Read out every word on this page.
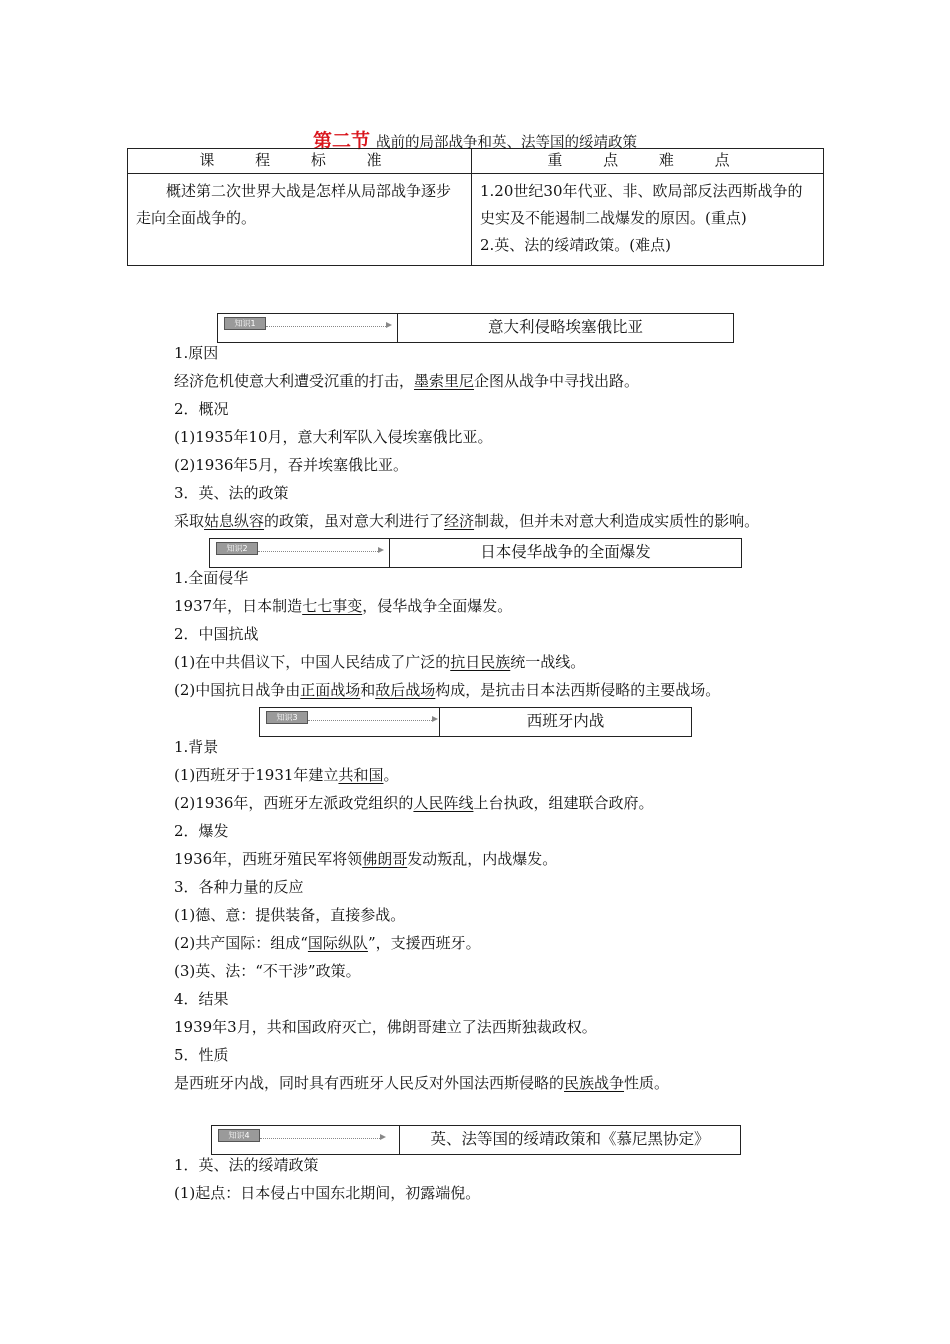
第二节 战前的局部战争和英、法等国的绥靖政策
课 程 标 准	重 点 难 点

概述第二次世界大战是怎样从局部战争逐步走向全面战争的。	1.20世纪30年代亚、非、欧局部反法西斯战争的史实及不能遏制二战爆发的原因。(重点)
2.英、法的绥靖政策。(难点)
知识1	意大利侵略埃塞俄比亚
1.原因
经济危机使意大利遭受沉重的打击，墨索里尼企图从战争中寻找出路。
2．概况
(1)1935年10月，意大利军队入侵埃塞俄比亚。
(2)1936年5月，吞并埃塞俄比亚。
3．英、法的政策
采取姑息纵容的政策，虽对意大利进行了经济制裁，但并未对意大利造成实质性的影响。
知识2	日本侵华战争的全面爆发
1.全面侵华
1937年，日本制造七七事变，侵华战争全面爆发。
2．中国抗战
(1)在中共倡议下，中国人民结成了广泛的抗日民族统一战线。
(2)中国抗日战争由正面战场和敌后战场构成，是抗击日本法西斯侵略的主要战场。
知识3	西班牙内战
1.背景
(1)西班牙于1931年建立共和国。
(2)1936年，西班牙左派政党组织的人民阵线上台执政，组建联合政府。
2．爆发
1936年，西班牙殖民军将领佛朗哥发动叛乱，内战爆发。
3．各种力量的反应
(1)德、意：提供装备，直接参战。
(2)共产国际：组成“国际纵队”，支援西班牙。
(3)英、法：“不干涉”政策。
4．结果
1939年3月，共和国政府灭亡，佛朗哥建立了法西斯独裁政权。
5．性质
是西班牙内战，同时具有西班牙人民反对外国法西斯侵略的民族战争性质。
知识4	英、法等国的绥靖政策和《慕尼黑协定》
1．英、法的绥靖政策
(1)起点：日本侵占中国东北期间，初露端倪。
